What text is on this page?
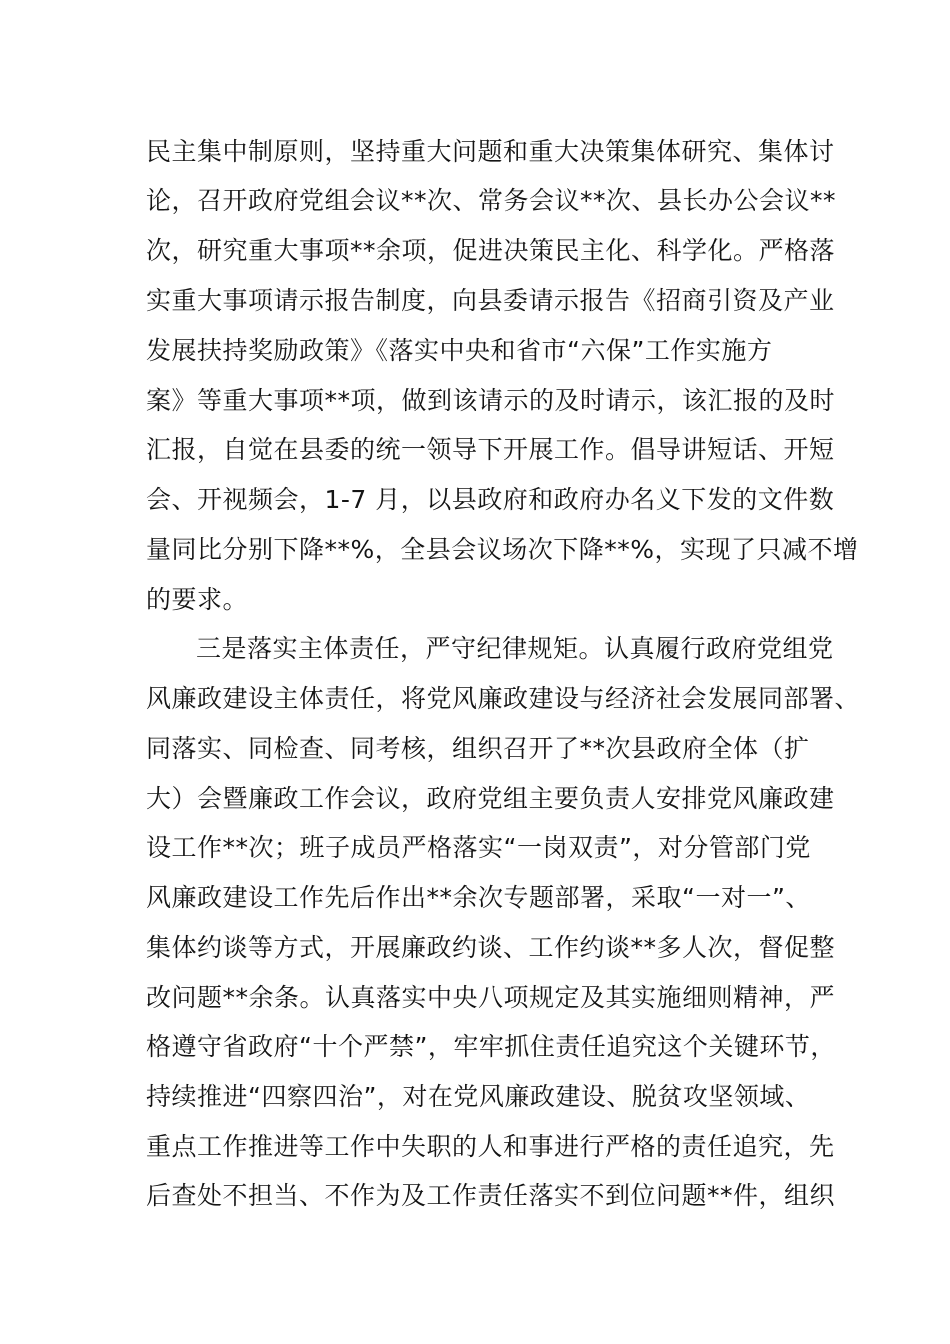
民主集中制原则，坚持重大问题和重大决策集体研究、集体讨
论，召开政府党组会议**次、常务会议**次、县长办公会议**
次，研究重大事项**余项，促进决策民主化、科学化。严格落
实重大事项请示报告制度，向县委请示报告《招商引资及产业
发展扶持奖励政策》《落实中央和省市“六保”工作实施方
案》等重大事项**项，做到该请示的及时请示，该汇报的及时
汇报，自觉在县委的统一领导下开展工作。倡导讲短话、开短
会、开视频会，1-7 月，以县政府和政府办名义下发的文件数
量同比分别下降**%，全县会议场次下降**%，实现了只减不增
的要求。
三是落实主体责任，严守纪律规矩。认真履行政府党组党
风廉政建设主体责任，将党风廉政建设与经济社会发展同部署、
同落实、同检查、同考核，组织召开了**次县政府全体（扩
大）会暨廉政工作会议，政府党组主要负责人安排党风廉政建
设工作**次；班子成员严格落实“一岗双责”，对分管部门党
风廉政建设工作先后作出**余次专题部署，采取“一对一”、
集体约谈等方式，开展廉政约谈、工作约谈**多人次，督促整
改问题**余条。认真落实中央八项规定及其实施细则精神，严
格遵守省政府“十个严禁”，牢牢抓住责任追究这个关键环节，
持续推进“四察四治”，对在党风廉政建设、脱贫攻坚领域、
重点工作推进等工作中失职的人和事进行严格的责任追究，先
后查处不担当、不作为及工作责任落实不到位问题**件，组织
